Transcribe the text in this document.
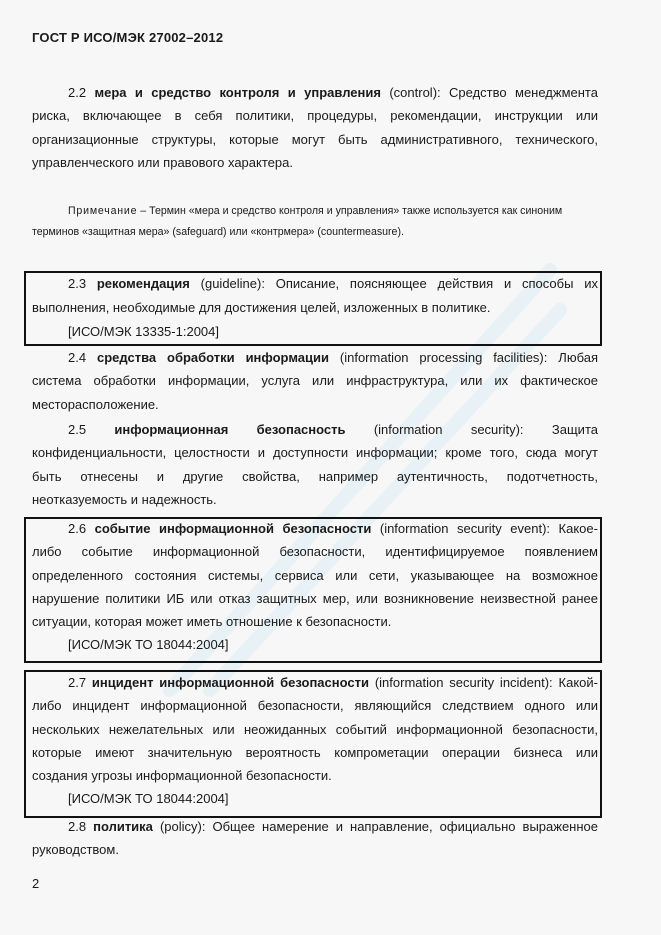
ГОСТ Р ИСО/МЭК 27002–2012
2.2 мера и средство контроля и управления (control): Средство менеджмента
риска, включающее в себя политики, процедуры, рекомендации, инструкции или
организационные структуры, которые могут быть административного, технического,
управленческого или правового характера.
Примечание – Термин «мера и средство контроля и управления» также используется как синоним
терминов «защитная мера» (safeguard) или «контрмера» (countermeasure).
2.3 рекомендация (guideline): Описание, поясняющее действия и способы их
выполнения, необходимые для достижения целей, изложенных в политике.
[ИСО/МЭК 13335-1:2004]
2.4 средства обработки информации (information processing facilities): Любая
система обработки информации, услуга или инфраструктура, или их фактическое
месторасположение.
2.5 информационная безопасность (information security): Защита
конфиденциальности, целостности и доступности информации; кроме того, сюда могут
быть отнесены и другие свойства, например аутентичность, подотчетность,
неотказуемость и надежность.
2.6 событие информационной безопасности (information security event): Какое-
либо событие информационной безопасности, идентифицируемое появлением
определенного состояния системы, сервиса или сети, указывающее на возможное
нарушение политики ИБ или отказ защитных мер, или возникновение неизвестной ранее
ситуации, которая может иметь отношение к безопасности.
[ИСО/МЭК ТО 18044:2004]
2.7 инцидент информационной безопасности (information security incident): Какой-
либо инцидент информационной безопасности, являющийся следствием одного или
нескольких нежелательных или неожиданных событий информационной безопасности,
которые имеют значительную вероятность компрометации операции бизнеса или
создания угрозы информационной безопасности.
[ИСО/МЭК ТО 18044:2004]
2.8 политика (policy): Общее намерение и направление, официально выраженное
руководством.
2
